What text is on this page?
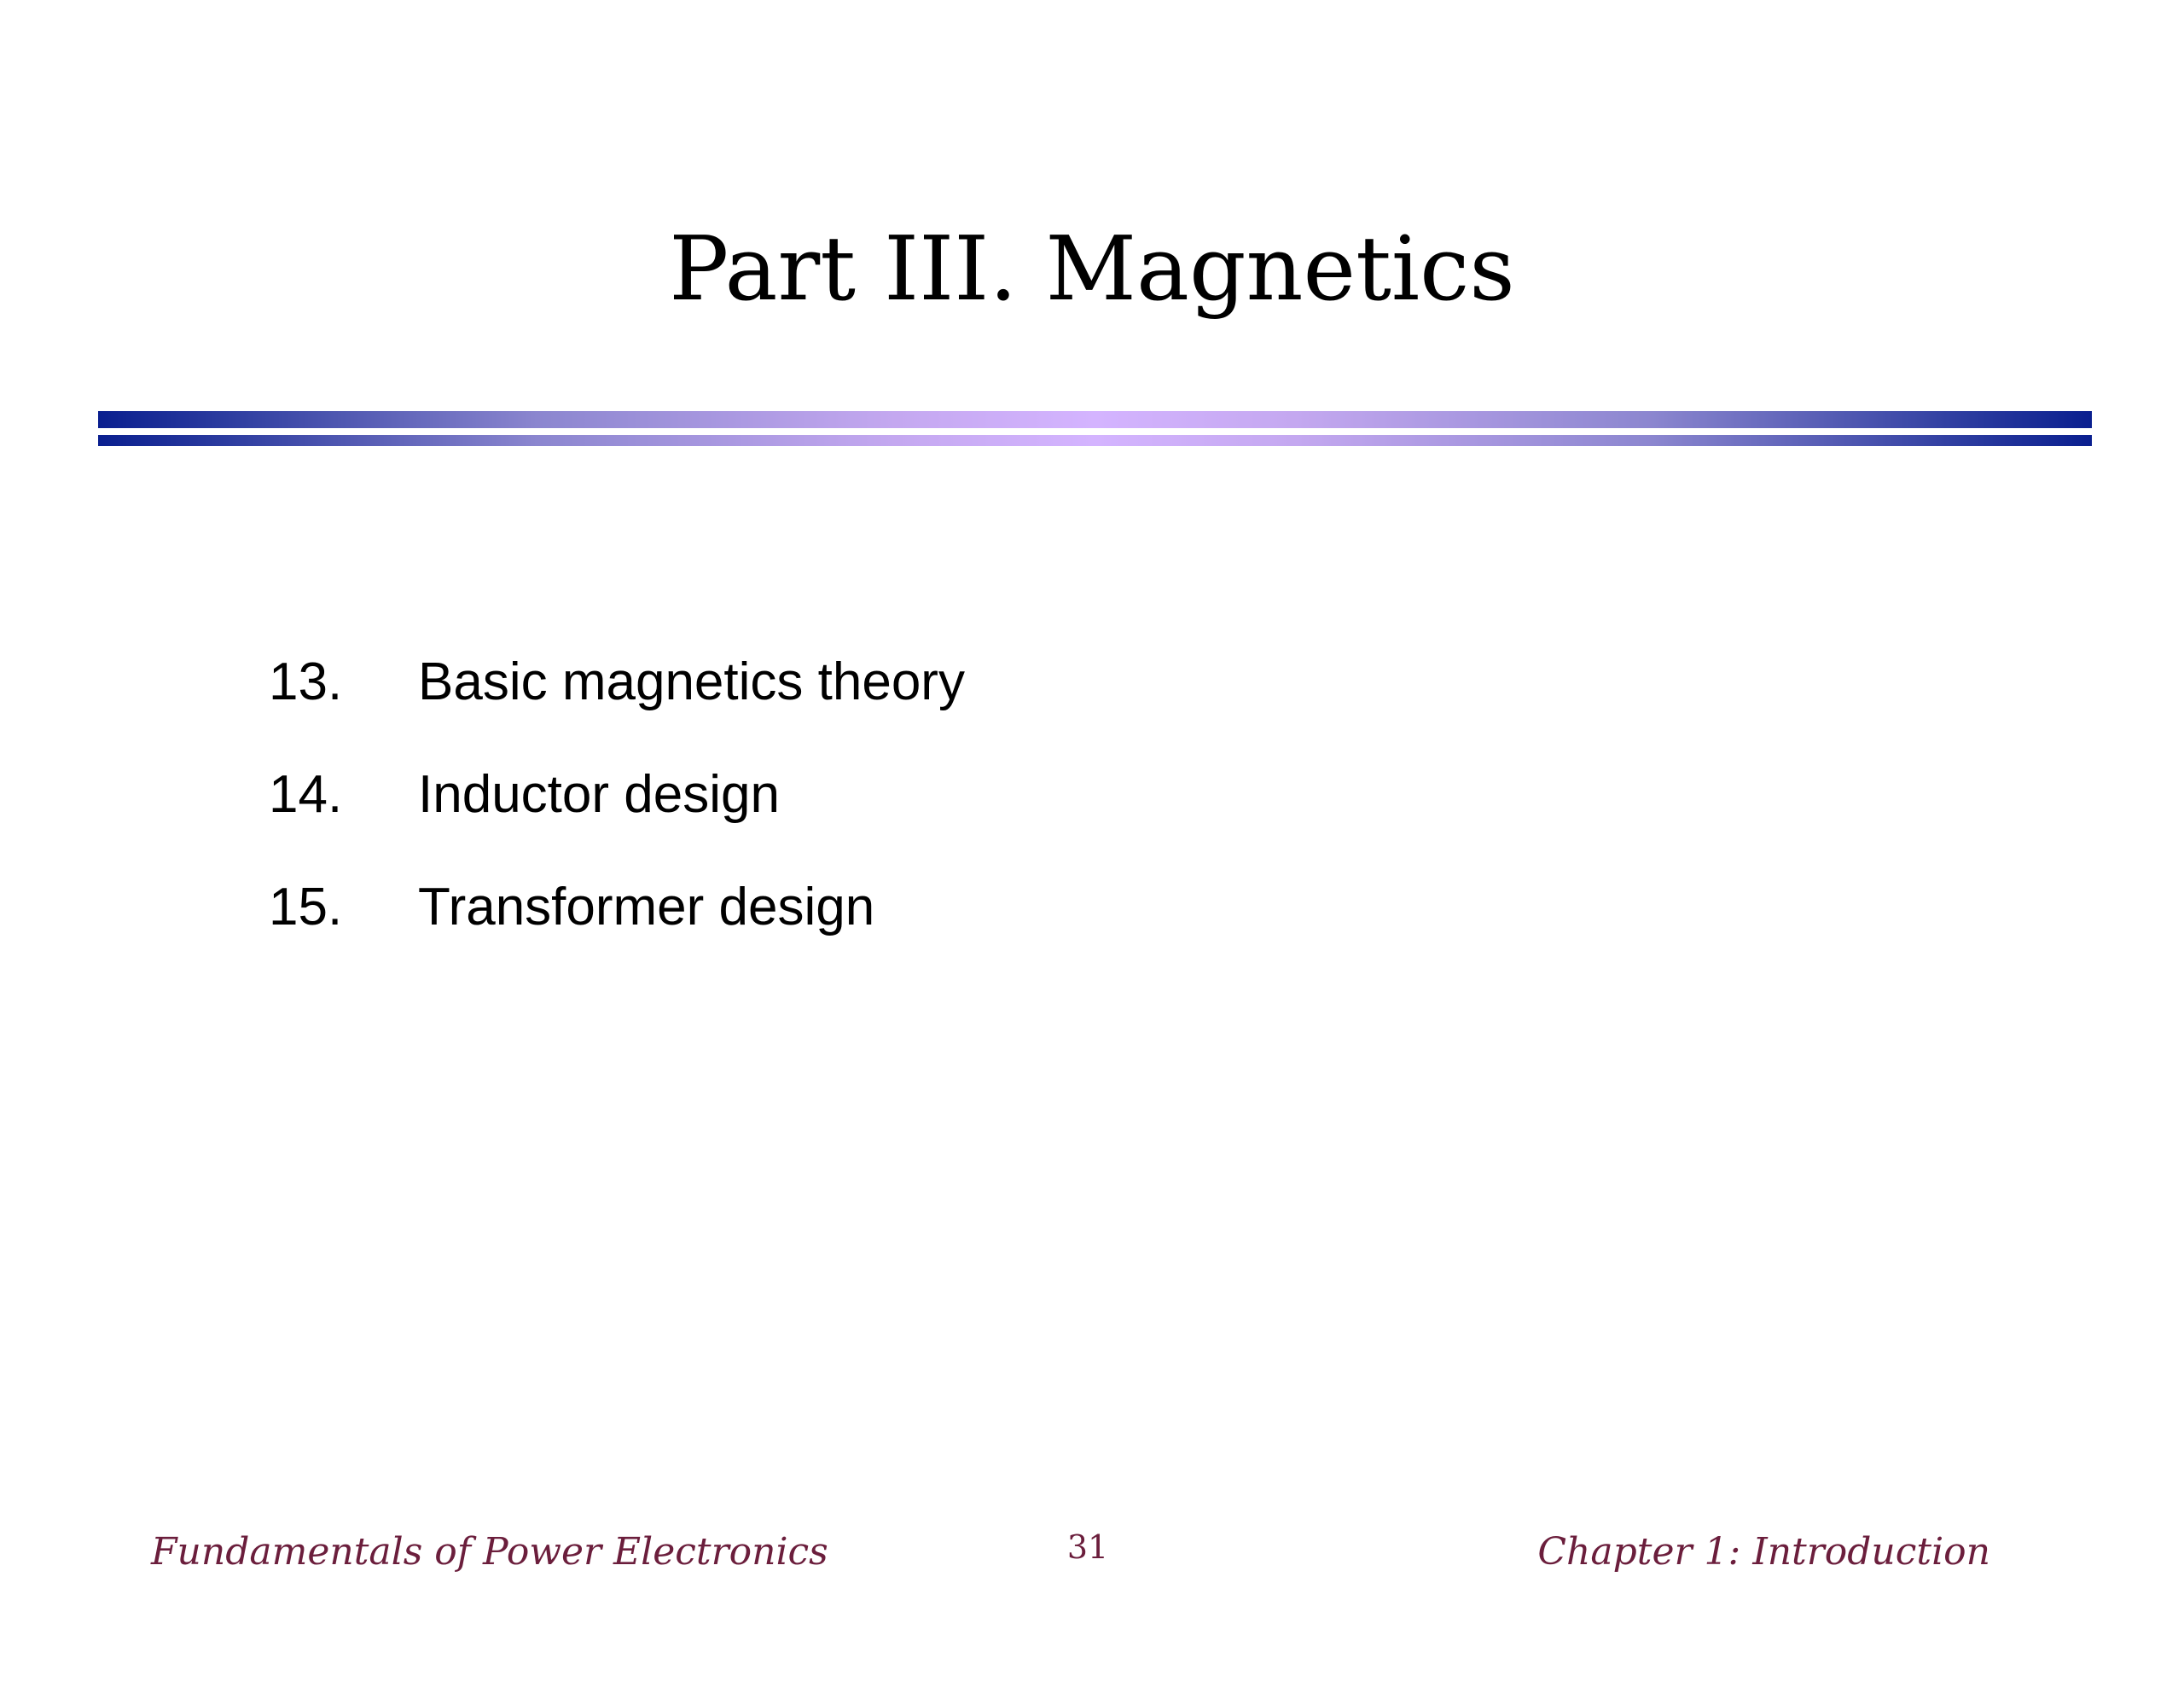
Part III. Magnetics
13. Basic magnetics theory
14. Inductor design
15. Transformer design
Fundamentals of Power Electronics	31	Chapter 1: Introduction
